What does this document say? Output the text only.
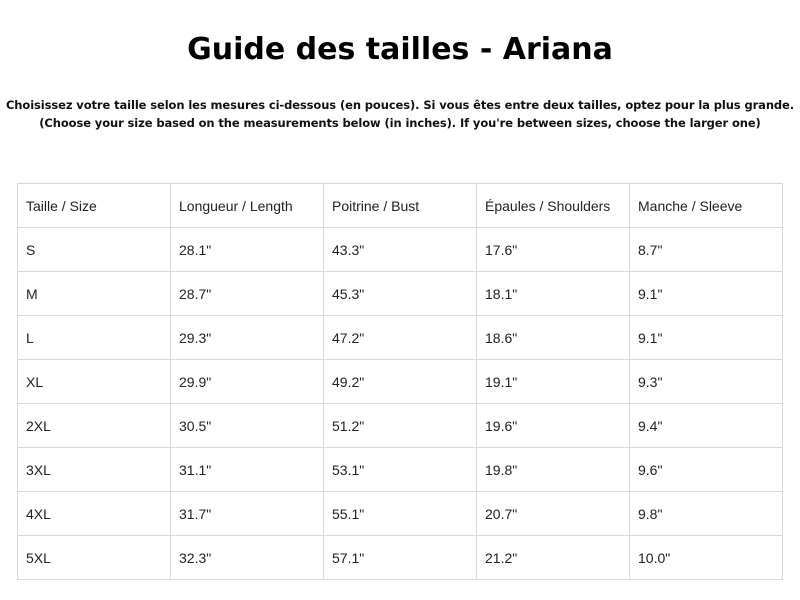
Guide des tailles - Ariana
Choisissez votre taille selon les mesures ci-dessous (en pouces). Si vous êtes entre deux tailles, optez pour la plus grande.
(Choose your size based on the measurements below (in inches). If you're between sizes, choose the larger one)
Taille / Size	Longueur / Length	Poitrine / Bust	Épaules / Shoulders	Manche / Sleeve
S	28.1"	43.3"	17.6"	8.7"
M	28.7"	45.3"	18.1"	9.1"
L	29.3"	47.2"	18.6"	9.1"
XL	29.9"	49.2"	19.1"	9.3"
2XL	30.5"	51.2"	19.6"	9.4"
3XL	31.1"	53.1"	19.8"	9.6"
4XL	31.7"	55.1"	20.7"	9.8"
5XL	32.3"	57.1"	21.2"	10.0"
